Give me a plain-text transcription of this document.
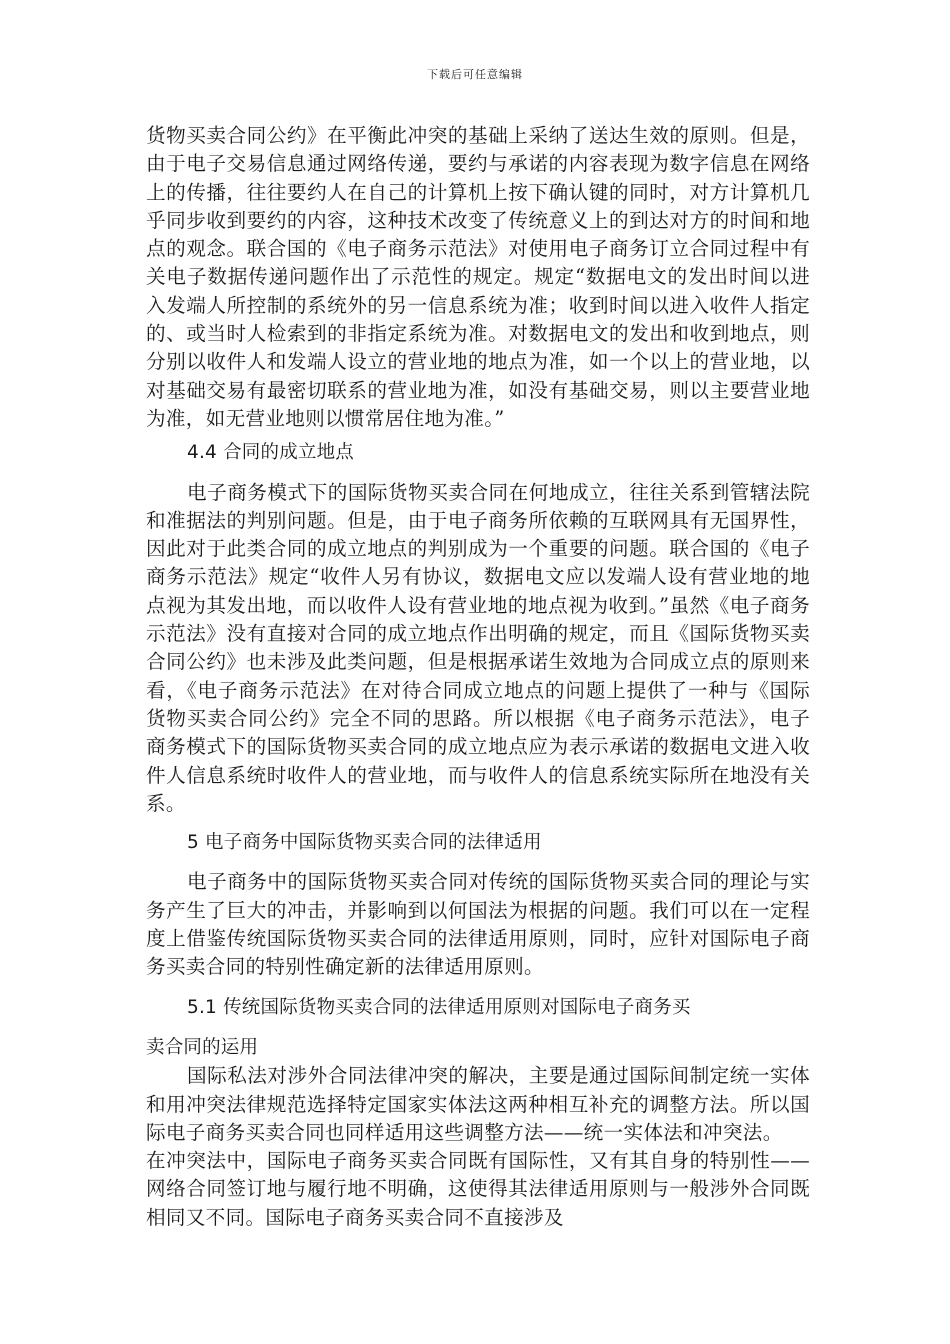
下载后可任意编辑

货物买卖合同公约》在平衡此冲突的基础上采纳了送达生效的原则。但是，由于电子交易信息通过网络传递，要约与承诺的内容表现为数字信息在网络上的传播，往往要约人在自己的计算机上按下确认键的同时，对方计算机几乎同步收到要约的内容，这种技术改变了传统意义上的到达对方的时间和地点的观念。联合国的《电子商务示范法》对使用电子商务订立合同过程中有关电子数据传递问题作出了示范性的规定。规定“数据电文的发出时间以进入发端人所控制的系统外的另一信息系统为准；收到时间以进入收件人指定的、或当时人检索到的非指定系统为准。对数据电文的发出和收到地点，则分别以收件人和发端人设立的营业地的地点为准，如一个以上的营业地，以对基础交易有最密切联系的营业地为准，如没有基础交易，则以主要营业地为准，如无营业地则以惯常居住地为准。”

4.4 合同的成立地点

电子商务模式下的国际货物买卖合同在何地成立，往往关系到管辖法院和准据法的判别问题。但是，由于电子商务所依赖的互联网具有无国界性，因此对于此类合同的成立地点的判别成为一个重要的问题。联合国的《电子商务示范法》规定“收件人另有协议，数据电文应以发端人设有营业地的地点视为其发出地，而以收件人设有营业地的地点视为收到。”虽然《电子商务示范法》没有直接对合同的成立地点作出明确的规定，而且《国际货物买卖合同公约》也未涉及此类问题，但是根据承诺生效地为合同成立点的原则来看，《电子商务示范法》在对待合同成立地点的问题上提供了一种与《国际货物买卖合同公约》完全不同的思路。所以根据《电子商务示范法》，电子商务模式下的国际货物买卖合同的成立地点应为表示承诺的数据电文进入收件人信息系统时收件人的营业地，而与收件人的信息系统实际所在地没有关系。

5 电子商务中国际货物买卖合同的法律适用

电子商务中的国际货物买卖合同对传统的国际货物买卖合同的理论与实务产生了巨大的冲击，并影响到以何国法为根据的问题。我们可以在一定程度上借鉴传统国际货物买卖合同的法律适用原则，同时，应针对国际电子商务买卖合同的特别性确定新的法律适用原则。

5.1 传统国际货物买卖合同的法律适用原则对国际电子商务买

卖合同的运用

国际私法对涉外合同法律冲突的解决，主要是通过国际间制定统一实体和用冲突法律规范选择特定国家实体法这两种相互补充的调整方法。所以国际电子商务买卖合同也同样适用这些调整方法——统一实体法和冲突法。

在冲突法中，国际电子商务买卖合同既有国际性，又有其自身的特别性——网络合同签订地与履行地不明确，这使得其法律适用原则与一般涉外合同既相同又不同。国际电子商务买卖合同不直接涉及
